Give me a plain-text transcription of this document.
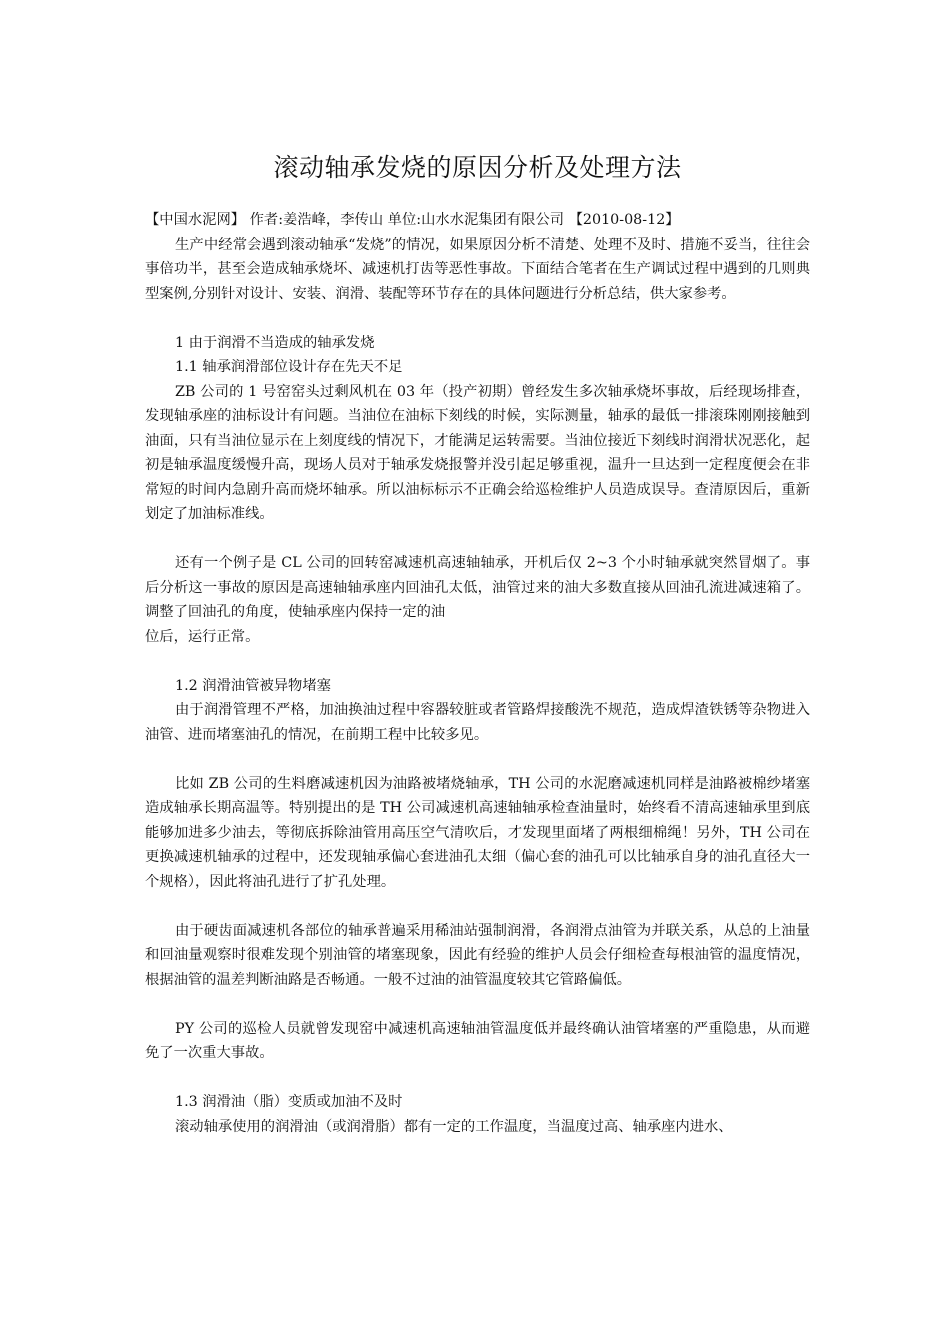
滚动轴承发烧的原因分析及处理方法

【中国水泥网】 作者:姜浩峰，李传山 单位:山水水泥集团有限公司 【2010-08-12】

生产中经常会遇到滚动轴承“发烧”的情况，如果原因分析不清楚、处理不及时、措施不妥当，往往会事倍功半，甚至会造成轴承烧坏、减速机打齿等恶性事故。下面结合笔者在生产调试过程中遇到的几则典型案例,分别针对设计、安装、润滑、装配等环节存在的具体问题进行分析总结，供大家参考。

1 由于润滑不当造成的轴承发烧

1.1 轴承润滑部位设计存在先天不足

ZB 公司的 1 号窑窑头过剩风机在 03 年（投产初期）曾经发生多次轴承烧坏事故，后经现场排查，发现轴承座的油标设计有问题。当油位在油标下刻线的时候，实际测量，轴承的最低一排滚珠刚刚接触到油面，只有当油位显示在上刻度线的情况下，才能满足运转需要。当油位接近下刻线时润滑状况恶化，起初是轴承温度缓慢升高，现场人员对于轴承发烧报警并没引起足够重视，温升一旦达到一定程度便会在非常短的时间内急剧升高而烧坏轴承。所以油标标示不正确会给巡检维护人员造成误导。查清原因后，重新划定了加油标准线。

还有一个例子是 CL 公司的回转窑减速机高速轴轴承，开机后仅 2~3 个小时轴承就突然冒烟了。事后分析这一事故的原因是高速轴轴承座内回油孔太低，油管过来的油大多数直接从回油孔流进减速箱了。调整了回油孔的角度，使轴承座内保持一定的油

位后，运行正常。

1.2 润滑油管被异物堵塞

由于润滑管理不严格，加油换油过程中容器较脏或者管路焊接酸洗不规范，造成焊渣铁锈等杂物进入油管、进而堵塞油孔的情况，在前期工程中比较多见。

比如 ZB 公司的生料磨减速机因为油路被堵烧轴承，TH 公司的水泥磨减速机同样是油路被棉纱堵塞造成轴承长期高温等。特别提出的是 TH 公司减速机高速轴轴承检查油量时，始终看不清高速轴承里到底能够加进多少油去，等彻底拆除油管用高压空气清吹后，才发现里面堵了两根细棉绳！另外，TH 公司在更换减速机轴承的过程中，还发现轴承偏心套进油孔太细（偏心套的油孔可以比轴承自身的油孔直径大一个规格），因此将油孔进行了扩孔处理。

由于硬齿面减速机各部位的轴承普遍采用稀油站强制润滑，各润滑点油管为并联关系，从总的上油量和回油量观察时很难发现个别油管的堵塞现象，因此有经验的维护人员会仔细检查每根油管的温度情况，根据油管的温差判断油路是否畅通。一般不过油的油管温度较其它管路偏低。

PY 公司的巡检人员就曾发现窑中减速机高速轴油管温度低并最终确认油管堵塞的严重隐患，从而避免了一次重大事故。

1.3 润滑油（脂）变质或加油不及时

滚动轴承使用的润滑油（或润滑脂）都有一定的工作温度，当温度过高、轴承座内进水、
